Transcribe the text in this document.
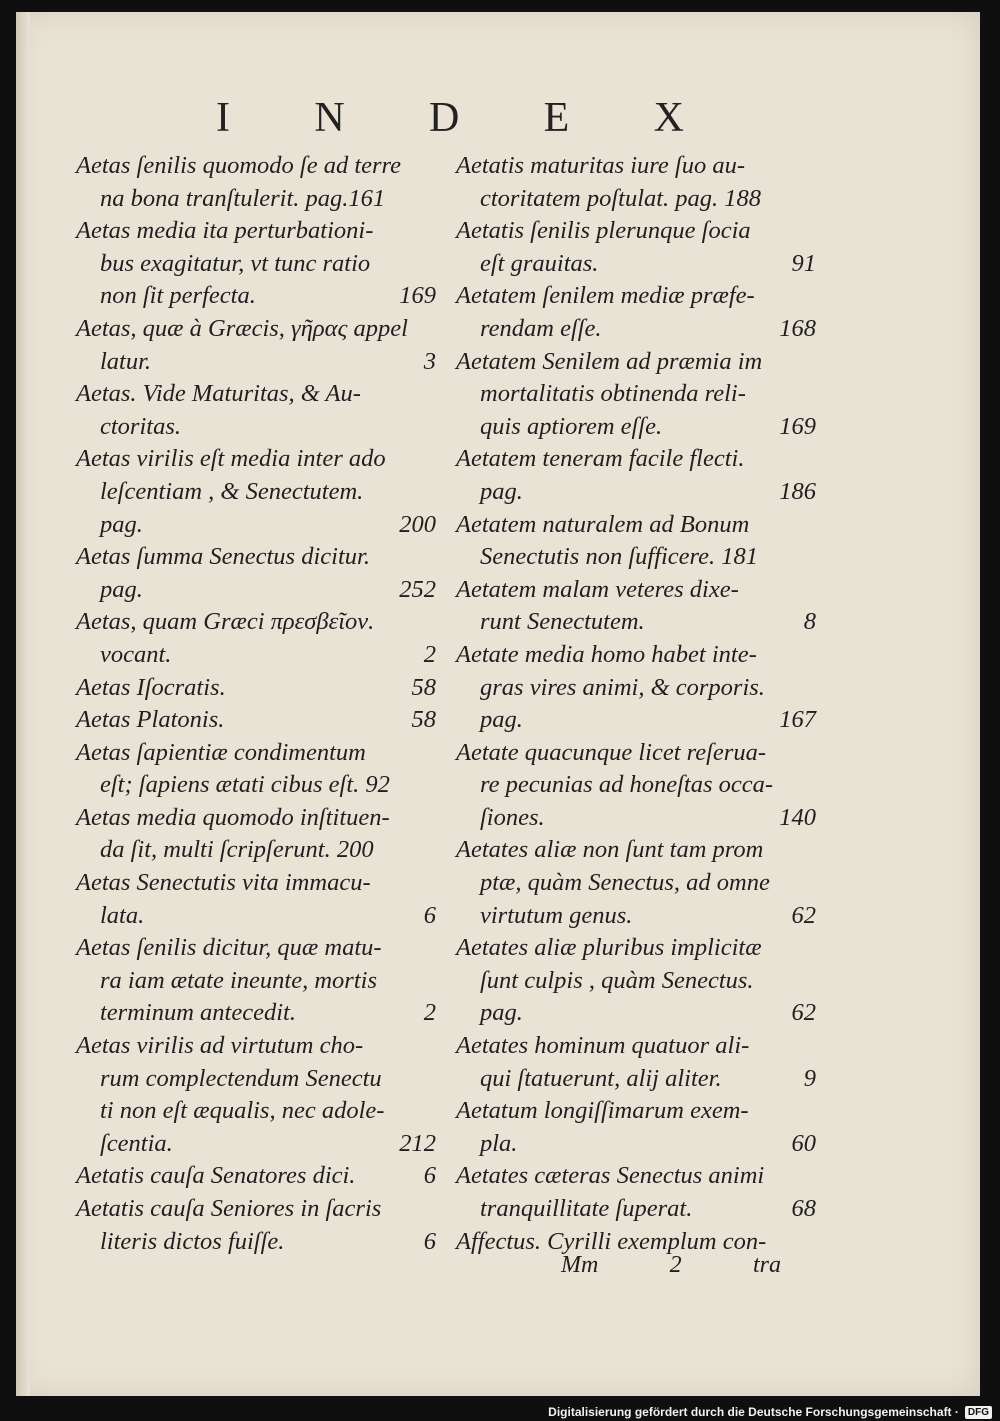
I N D E X
Aetas ſenilis quomodo ſe ad terre
na bona tranſtulerit. pag.161
Aetas media ita perturbationi-
bus exagitatur, vt tunc ratio
non ſit perfecta.	169
Aetas, quæ à Græcis, γῆρας appel
latur.	3
Aetas. Vide Maturitas, & Au-
ctoritas.
Aetas virilis eſt media inter ado
leſcentiam , & Senectutem.
pag.	200
Aetas ſumma Senectus dicitur.
pag.	252
Aetas, quam Græci πρεσβεῖον.
vocant.	2
Aetas Iſocratis.	58
Aetas Platonis.	58
Aetas ſapientiæ condimentum
eſt; ſapiens ætati cibus eſt. 92
Aetas media quomodo inſtituen-
da ſit, multi ſcripſerunt. 200
Aetas Senectutis vita immacu-
lata.	6
Aetas ſenilis dicitur, quæ matu-
ra iam ætate ineunte, mortis
terminum antecedit.	2
Aetas virilis ad virtutum cho-
rum complectendum Senectu
ti non eſt æqualis, nec adole-
ſcentia.	212
Aetatis cauſa Senatores dici.	6
Aetatis cauſa Seniores in ſacris
literis dictos fuiſſe.	6
Aetatis maturitas iure ſuo au-
ctoritatem poſtulat. pag. 188
Aetatis ſenilis plerunque ſocia
eſt grauitas.	91
Aetatem ſenilem mediæ præfe-
rendam eſſe.	168
Aetatem Senilem ad præmia im
mortalitatis obtinenda reli-
quis aptiorem eſſe.	169
Aetatem teneram facile flecti.
pag.	186
Aetatem naturalem ad Bonum
Senectutis non ſufficere. 181
Aetatem malam veteres dixe-
runt Senectutem.	8
Aetate media homo habet inte-
gras vires animi, & corporis.
pag.	167
Aetate quacunque licet reſerua-
re pecunias ad honeſtas occa-
ſiones.	140
Aetates aliæ non ſunt tam prom
ptæ, quàm Senectus, ad omne
virtutum genus.	62
Aetates aliæ pluribus implicitæ
ſunt culpis , quàm Senectus.
pag.	62
Aetates hominum quatuor ali-
qui ſtatuerunt, alij aliter.	9
Aetatum longiſſimarum exem-
pla.	60
Aetates cæteras Senectus animi
tranquillitate ſuperat.	68
Affectus. Cyrilli exemplum con-
Mm	2	tra
Digitalisierung gefördert durch die Deutsche Forschungsgemeinschaft · DFG
